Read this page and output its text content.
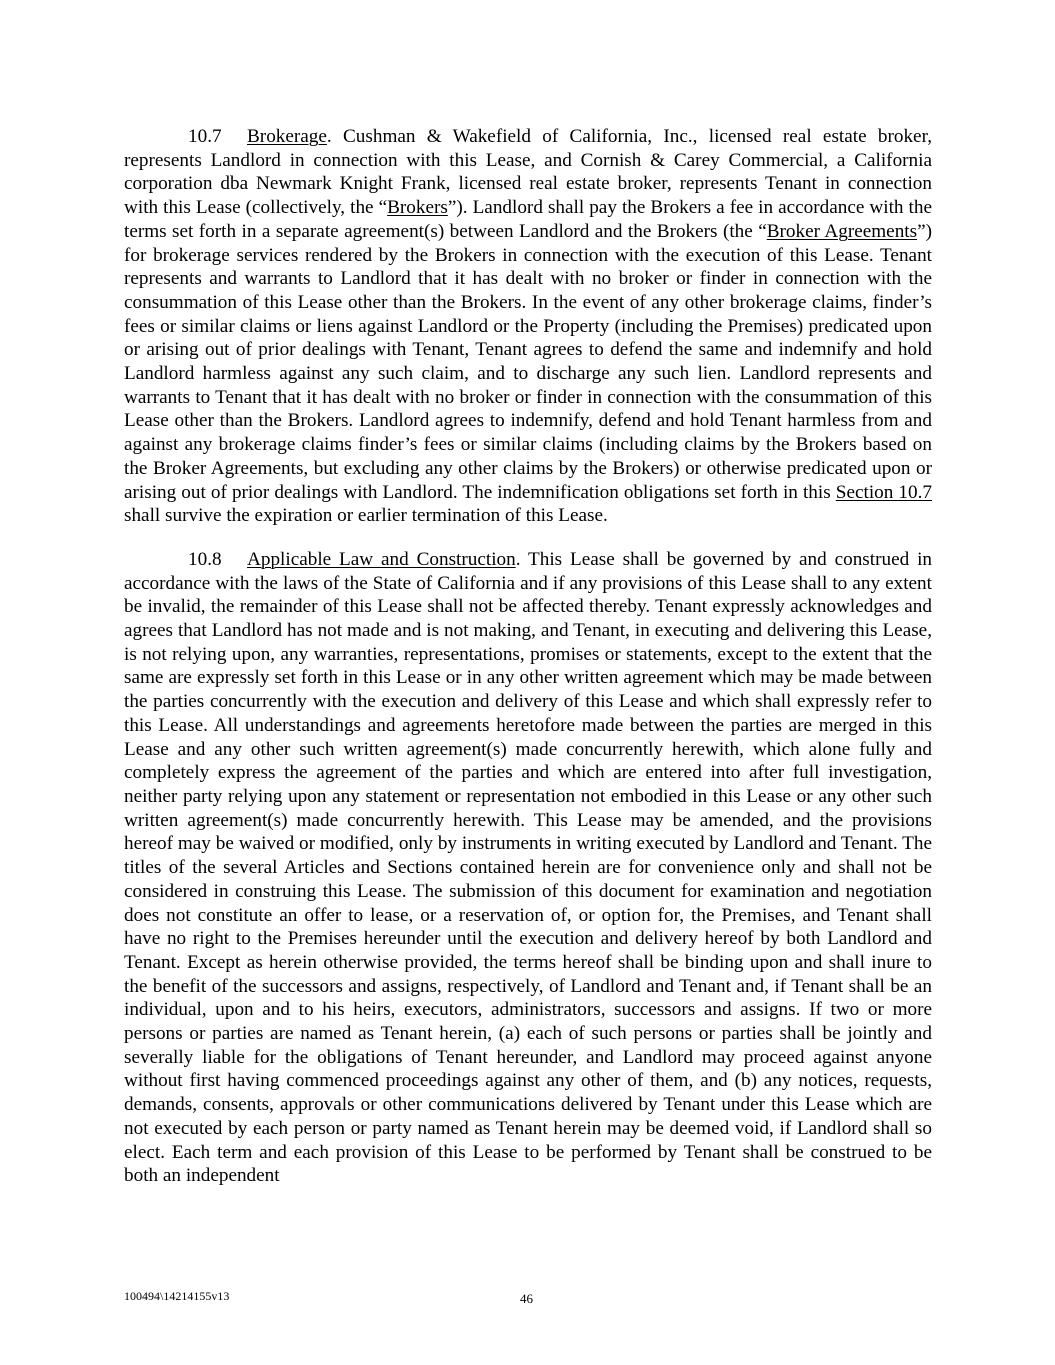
10.7 Brokerage. Cushman & Wakefield of California, Inc., licensed real estate broker, represents Landlord in connection with this Lease, and Cornish & Carey Commercial, a California corporation dba Newmark Knight Frank, licensed real estate broker, represents Tenant in connection with this Lease (collectively, the “Brokers”). Landlord shall pay the Brokers a fee in accordance with the terms set forth in a separate agreement(s) between Landlord and the Brokers (the “Broker Agreements”) for brokerage services rendered by the Brokers in connection with the execution of this Lease. Tenant represents and warrants to Landlord that it has dealt with no broker or finder in connection with the consummation of this Lease other than the Brokers. In the event of any other brokerage claims, finder’s fees or similar claims or liens against Landlord or the Property (including the Premises) predicated upon or arising out of prior dealings with Tenant, Tenant agrees to defend the same and indemnify and hold Landlord harmless against any such claim, and to discharge any such lien. Landlord represents and warrants to Tenant that it has dealt with no broker or finder in connection with the consummation of this Lease other than the Brokers. Landlord agrees to indemnify, defend and hold Tenant harmless from and against any brokerage claims finder’s fees or similar claims (including claims by the Brokers based on the Broker Agreements, but excluding any other claims by the Brokers) or otherwise predicated upon or arising out of prior dealings with Landlord. The indemnification obligations set forth in this Section 10.7 shall survive the expiration or earlier termination of this Lease.

10.8 Applicable Law and Construction. This Lease shall be governed by and construed in accordance with the laws of the State of California and if any provisions of this Lease shall to any extent be invalid, the remainder of this Lease shall not be affected thereby. Tenant expressly acknowledges and agrees that Landlord has not made and is not making, and Tenant, in executing and delivering this Lease, is not relying upon, any warranties, representations, promises or statements, except to the extent that the same are expressly set forth in this Lease or in any other written agreement which may be made between the parties concurrently with the execution and delivery of this Lease and which shall expressly refer to this Lease. All understandings and agreements heretofore made between the parties are merged in this Lease and any other such written agreement(s) made concurrently herewith, which alone fully and completely express the agreement of the parties and which are entered into after full investigation, neither party relying upon any statement or representation not embodied in this Lease or any other such written agreement(s) made concurrently herewith. This Lease may be amended, and the provisions hereof may be waived or modified, only by instruments in writing executed by Landlord and Tenant. The titles of the several Articles and Sections contained herein are for convenience only and shall not be considered in construing this Lease. The submission of this document for examination and negotiation does not constitute an offer to lease, or a reservation of, or option for, the Premises, and Tenant shall have no right to the Premises hereunder until the execution and delivery hereof by both Landlord and Tenant. Except as herein otherwise provided, the terms hereof shall be binding upon and shall inure to the benefit of the successors and assigns, respectively, of Landlord and Tenant and, if Tenant shall be an individual, upon and to his heirs, executors, administrators, successors and assigns. If two or more persons or parties are named as Tenant herein, (a) each of such persons or parties shall be jointly and severally liable for the obligations of Tenant hereunder, and Landlord may proceed against anyone without first having commenced proceedings against any other of them, and (b) any notices, requests, demands, consents, approvals or other communications delivered by Tenant under this Lease which are not executed by each person or party named as Tenant herein may be deemed void, if Landlord shall so elect. Each term and each provision of this Lease to be performed by Tenant shall be construed to be both an independent

100494\14214155v13	46
